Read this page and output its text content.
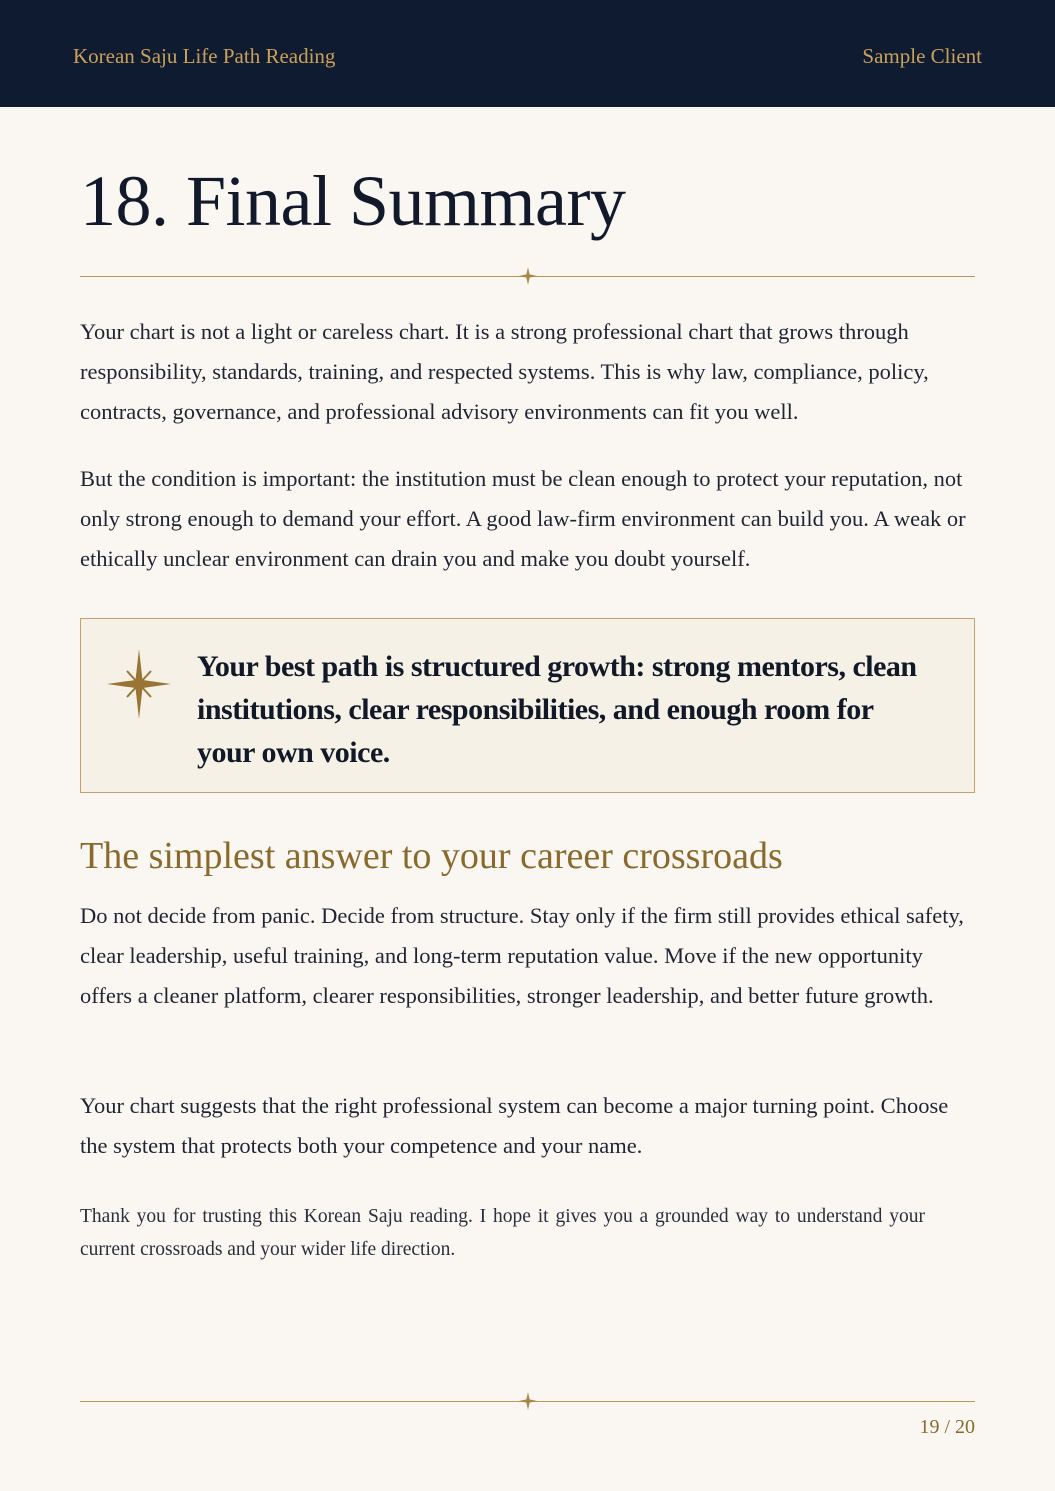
Korean Saju Life Path Reading	Sample Client
18. Final Summary

Your chart is not a light or careless chart. It is a strong professional chart that grows through responsibility, standards, training, and respected systems. This is why law, compliance, policy, contracts, governance, and professional advisory environments can fit you well.

But the condition is important: the institution must be clean enough to protect your reputation, not only strong enough to demand your effort. A good law-firm environment can build you. A weak or ethically unclear environment can drain you and make you doubt yourself.

Your best path is structured growth: strong mentors, clean institutions, clear responsibilities, and enough room for your own voice.

The simplest answer to your career crossroads

Do not decide from panic. Decide from structure. Stay only if the firm still provides ethical safety, clear leadership, useful training, and long-term reputation value. Move if the new opportunity offers a cleaner platform, clearer responsibilities, stronger leadership, and better future growth.

Your chart suggests that the right professional system can become a major turning point. Choose the system that protects both your competence and your name.

Thank you for trusting this Korean Saju reading. I hope it gives you a grounded way to understand your current crossroads and your wider life direction.

19 / 20
